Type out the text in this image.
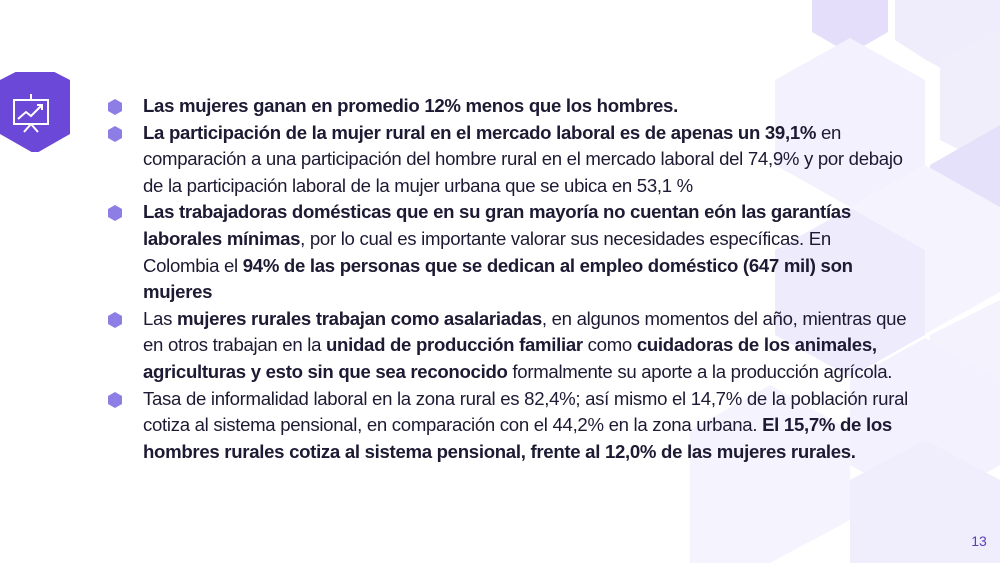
Las mujeres ganan en promedio 12% menos que los hombres.

La participación de la mujer rural en el mercado laboral es de apenas un 39,1% en comparación a una participación del hombre rural en el mercado laboral del 74,9% y por debajo de la participación laboral de la mujer urbana que se ubica en 53,1 %

Las trabajadoras domésticas que en su gran mayoría no cuentan eón las garantías laborales mínimas, por lo cual es importante valorar sus necesidades específicas. En Colombia el 94% de las personas que se dedican al empleo doméstico (647 mil) son mujeres

Las mujeres rurales trabajan como asalariadas, en algunos momentos del año, mientras que en otros trabajan en la unidad de producción familiar como cuidadoras de los animales, agriculturas y esto sin que sea reconocido formalmente su aporte a la producción agrícola.

Tasa de informalidad laboral en la zona rural es 82,4%; así mismo el 14,7% de la población rural cotiza al sistema pensional, en comparación con el 44,2% en la zona urbana. El 15,7% de los hombres rurales cotiza al sistema pensional, frente al 12,0% de las mujeres rurales.

13
